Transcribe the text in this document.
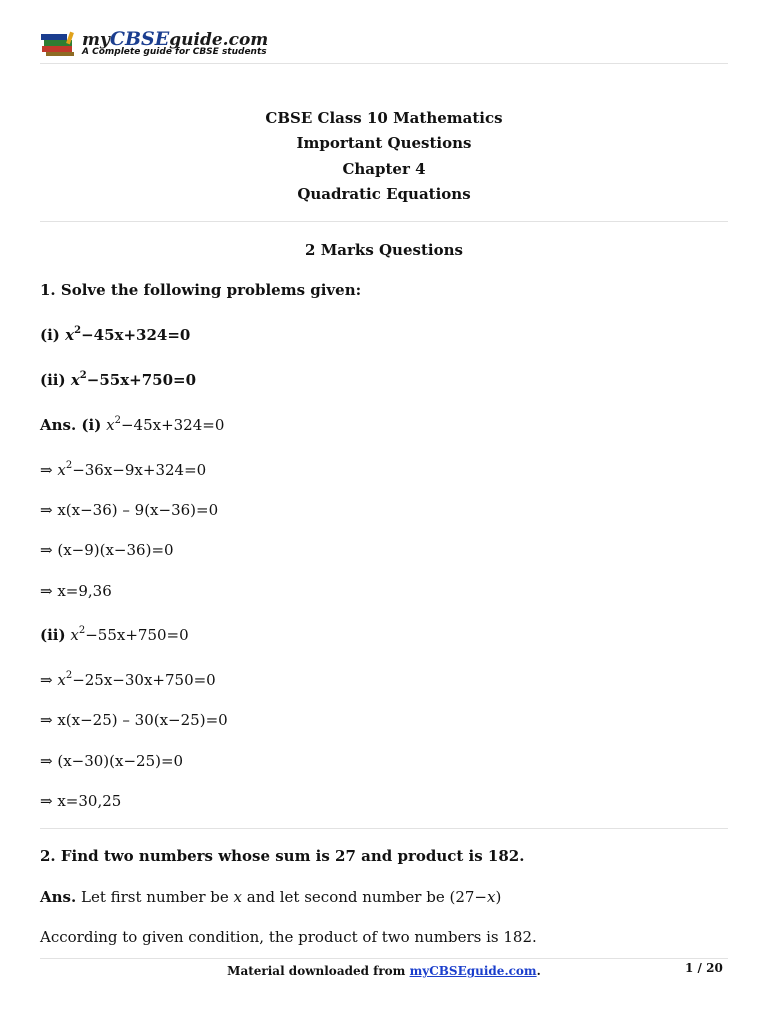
myCBSEguide.com
A Complete guide for CBSE students
CBSE Class 10 Mathematics
Important Questions
Chapter 4
Quadratic Equations
2 Marks Questions
1. Solve the following problems given:
(i) $x^2-45x+324=0$
(ii) $x^2-55x+750=0$
Ans. (i) $x^2-45x+324=0$
⇒ $x^2-36x-9x+324=0$
⇒ x(x−36) – 9(x−36)=0
⇒ (x−9)(x−36)=0
⇒ x=9,36
(ii) $x^2-55x+750=0$
⇒ $x^2-25x-30x+750=0$
⇒ x(x−25) – 30(x−25)=0
⇒ (x−30)(x−25)=0
⇒ x=30,25
2. Find two numbers whose sum is 27 and product is 182.
Ans. Let first number be x and let second number be (27−x)
According to given condition, the product of two numbers is 182.
Material downloaded from myCBSEguide.com.	1 / 20
